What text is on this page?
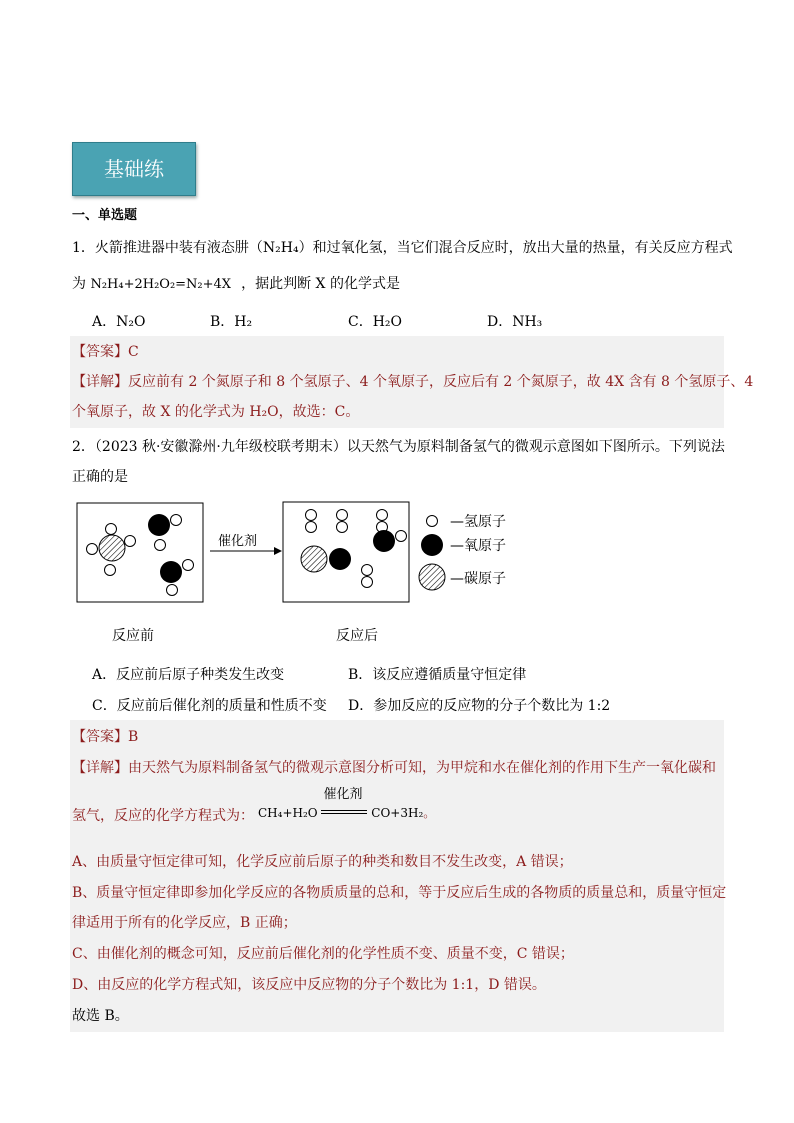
基础练
一、单选题
1．火箭推进器中装有液态肼（N₂H₄）和过氧化氢，当它们混合反应时，放出大量的热量，有关反应方程式
为 N₂H₄+2H₂O₂=N₂+4X ，据此判断 X 的化学式是
A．N₂O	B．H₂	C．H₂O	D．NH₃
【答案】C
【详解】反应前有 2 个氮原子和 8 个氢原子、4 个氧原子，反应后有 2 个氮原子，故 4X 含有 8 个氢原子、4
个氧原子，故 X 的化学式为 H₂O，故选：C。
2．（2023 秋·安徽滁州·九年级校联考期末）以天然气为原料制备氢气的微观示意图如下图所示。下列说法
正确的是
催化剂
—氢原子
—氧原子
—碳原子
反应前	反应后
A．反应前后原子种类发生改变	B．该反应遵循质量守恒定律
C．反应前后催化剂的质量和性质不变 D．参加反应的反应物的分子个数比为 1:2
【答案】B
【详解】由天然气为原料制备氢气的微观示意图分析可知，为甲烷和水在催化剂的作用下生产一氧化碳和
氢气，反应的化学方程式为： CH₄+H₂O
催化剂
CO+3H₂。
A、由质量守恒定律可知，化学反应前后原子的种类和数目不发生改变，A 错误；
B、质量守恒定律即参加化学反应的各物质质量的总和，等于反应后生成的各物质的质量总和，质量守恒定
律适用于所有的化学反应，B 正确；
C、由催化剂的概念可知，反应前后催化剂的化学性质不变、质量不变，C 错误；
D、由反应的化学方程式知，该反应中反应物的分子个数比为 1:1，D 错误。
故选 B。
